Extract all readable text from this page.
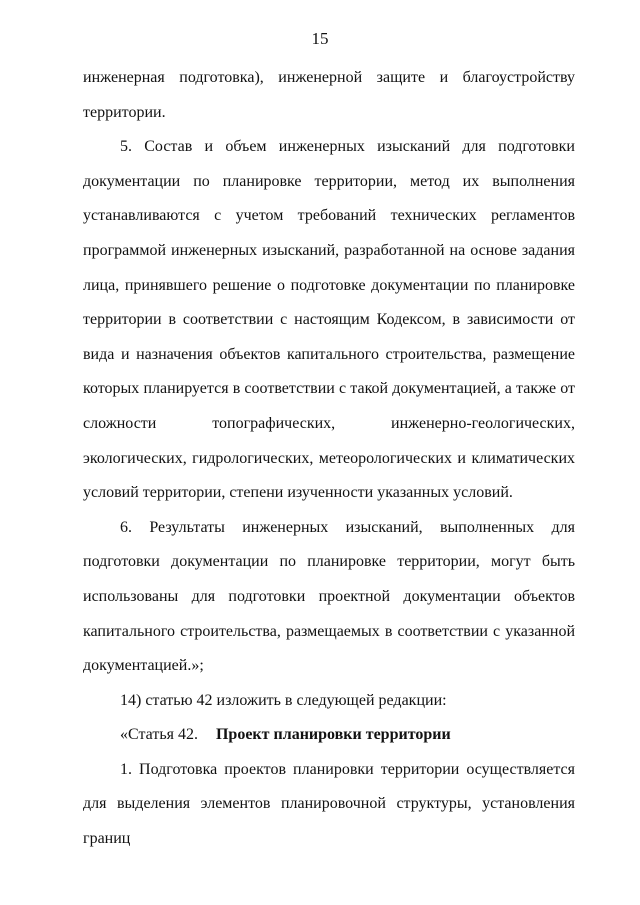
15

инженерная подготовка), инженерной защите и благоустройству территории.

5. Состав и объем инженерных изысканий для подготовки документации по планировке территории, метод их выполнения устанавливаются с учетом требований технических регламентов программой инженерных изысканий, разработанной на основе задания лица, принявшего решение о подготовке документации по планировке территории в соответствии с настоящим Кодексом, в зависимости от вида и назначения объектов капитального строительства, размещение которых планируется в соответствии с такой документацией, а также от сложности топографических, инженерно-геологических, экологических, гидрологических, метеорологических и климатических условий территории, степени изученности указанных условий.

6. Результаты инженерных изысканий, выполненных для подготовки документации по планировке территории, могут быть использованы для подготовки проектной документации объектов капитального строительства, размещаемых в соответствии с указанной документацией.»;

14) статью 42 изложить в следующей редакции:

«Статья 42. Проект планировки территории

1. Подготовка проектов планировки территории осуществляется для выделения элементов планировочной структуры, установления границ
